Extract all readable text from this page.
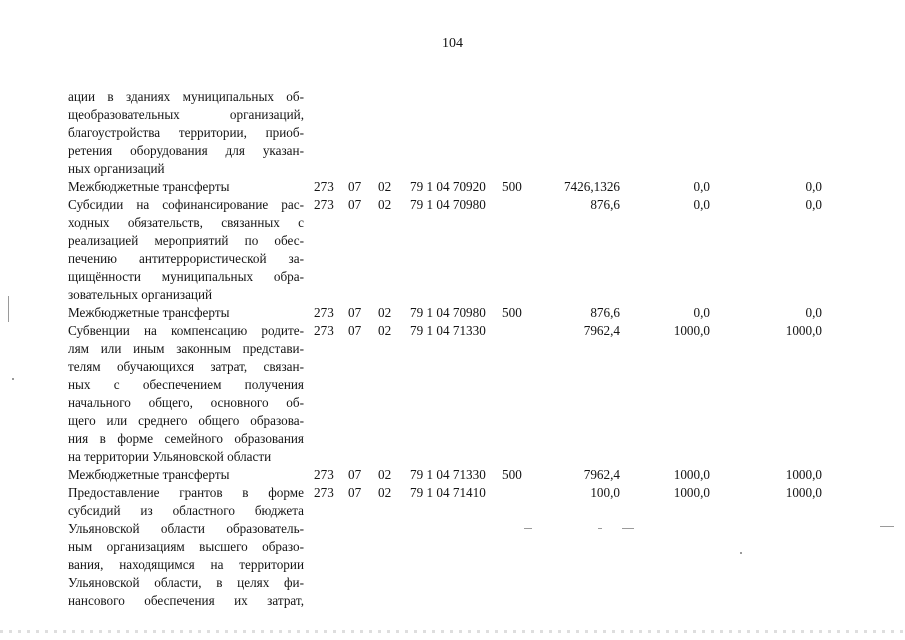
104
ации в зданиях муниципальных об-
щеобразовательных организаций,
благоустройства территории, приоб-
ретения оборудования для указан-
ных организаций
Межбюджетные трансферты	273 07 02 79 1 04 70920 500	7426,1326	0,0	0,0
Субсидии на софинансирование рас-
ходных обязательств, связанных с
реализацией мероприятий по обес-
печению антитеррористической за-
щищённости муниципальных обра-
зовательных организаций
273 07 02 79 1 04 70980	876,6	0,0	0,0
Межбюджетные трансферты	273 07 02 79 1 04 70980 500	876,6	0,0	0,0
Субвенции на компенсацию родите-
лям или иным законным представи-
телям обучающихся затрат, связан-
ных с обеспечением получения
начального общего, основного об-
щего или среднего общего образова-
ния в форме семейного образования
на территории Ульяновской области
273 07 02 79 1 04 71330	7962,4	1000,0	1000,0
Межбюджетные трансферты	273 07 02 79 1 04 71330 500	7962,4	1000,0	1000,0
Предоставление грантов в форме
субсидий из областного бюджета
Ульяновской области образователь-
ным организациям высшего образо-
вания, находящимся на территории
Ульяновской области, в целях фи-
нансового обеспечения их затрат,
273 07 02 79 1 04 71410	100,0	1000,0	1000,0
